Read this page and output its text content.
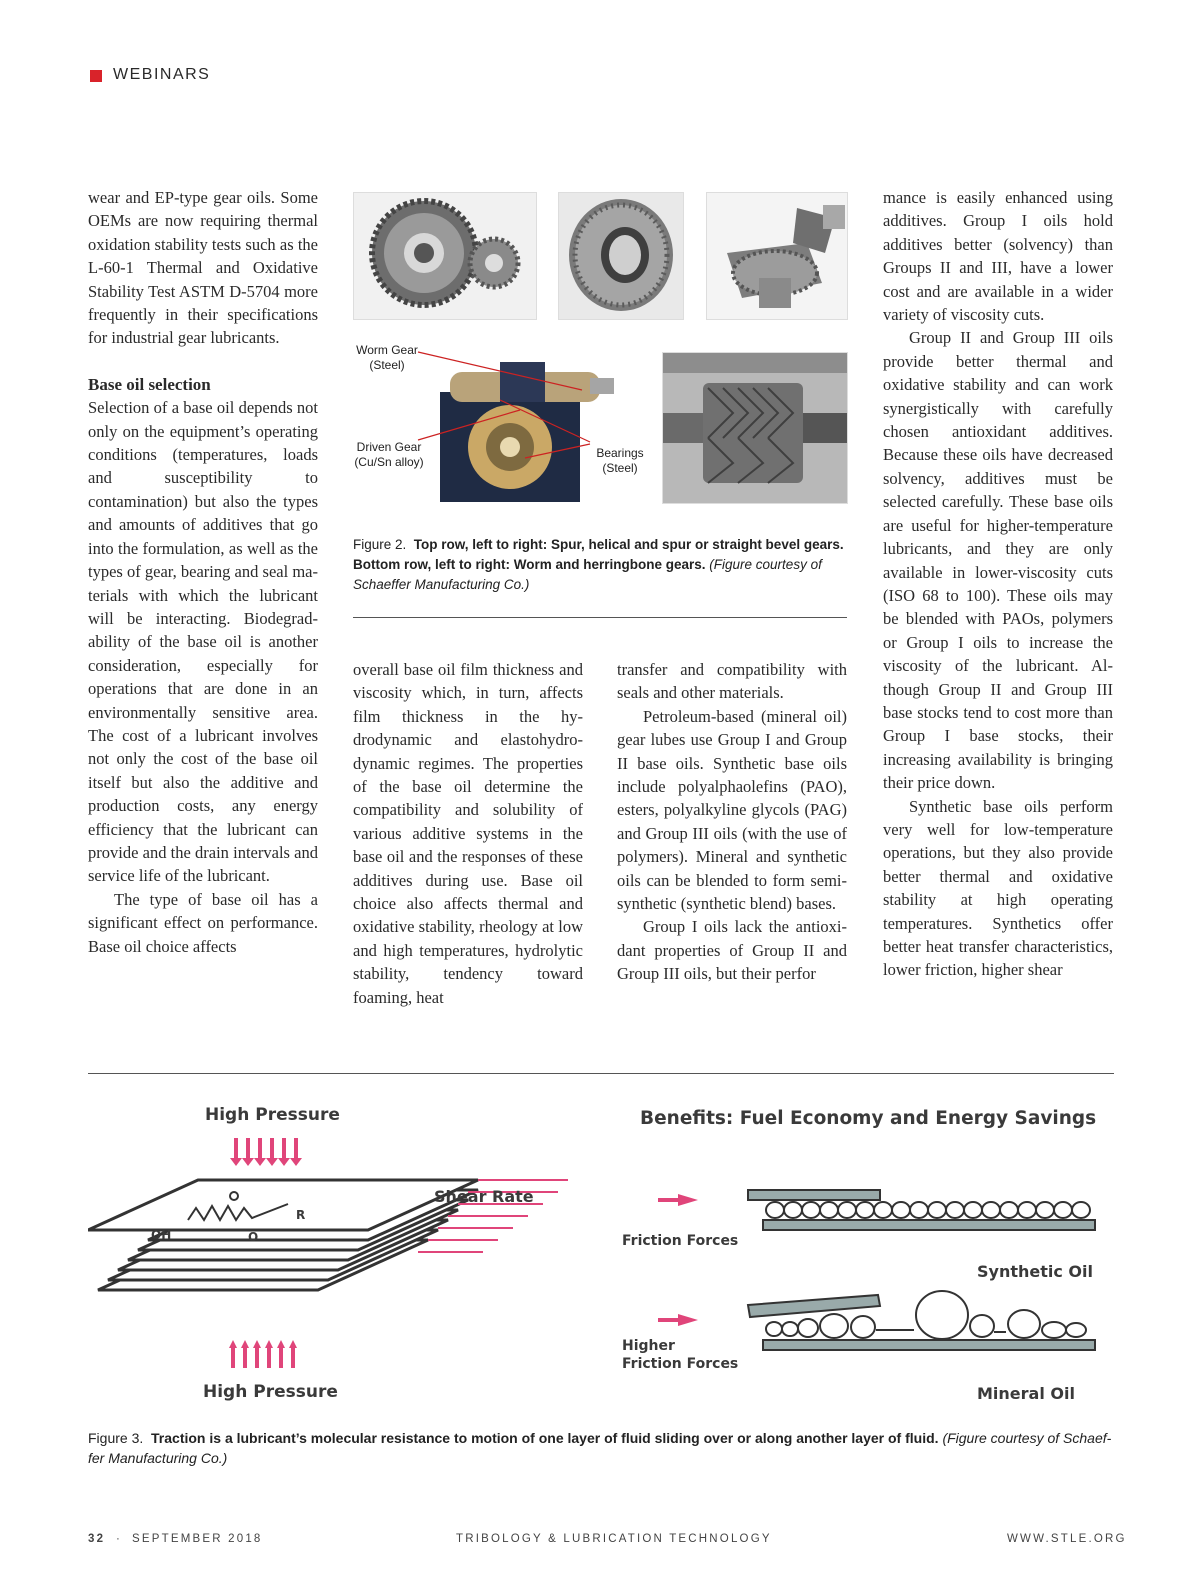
WEBINARS

wear and EP-type gear oils. Some OEMs are now requiring thermal oxidation stability tests such as the L-60-1 Thermal and Oxidative Stability Test ASTM D-5704 more frequently in their specifications for industrial gear lubricants.

Base oil selection

Selection of a base oil depends not only on the equipment’s operating conditions (temperatures, loads and susceptibility to contamination) but also the types and amounts of additives that go into the formulation, as well as the types of gear, bearing and seal materials with which the lubricant will be interacting. Biodegradability of the base oil is another consideration, especially for operations that are done in an environmentally sensitive area. The cost of a lubricant involves not only the cost of the base oil itself but also the additive and production costs, any energy efficiency that the lubricant can provide and the drain intervals and service life of the lubricant.

The type of base oil has a significant effect on performance. Base oil choice affects

overall base oil film thickness and viscosity which, in turn, affects film thickness in the hydrodynamic and elastohydrodynamic regimes. The properties of the base oil determine the compatibility and solubility of various additive systems in the base oil and the responses of these additives during use. Base oil choice also affects thermal and oxidative stability, rheology at low and high temperatures, hydrolytic stability, tendency toward foaming, heat

transfer and compatibility with seals and other materials.

Petroleum-based (mineral oil) gear lubes use Group I and Group II base oils. Synthetic base oils include polyalphaolefins (PAO), esters, polyalkyline glycols (PAG) and Group III oils (with the use of polymers). Mineral and synthetic oils can be blended to form semi-synthetic (synthetic blend) bases.

Group I oils lack the antioxidant properties of Group II and Group III oils, but their perfor

mance is easily enhanced using additives. Group I oils hold additives better (solvency) than Groups II and III, have a lower cost and are available in a wider variety of viscosity cuts.

Group II and Group III oils provide better thermal and oxidative stability and can work synergistically with carefully chosen antioxidant additives. Because these oils have decreased solvency, additives must be selected carefully. These base oils are useful for higher-temperature lubricants, and they are only available in lower-viscosity cuts (ISO 68 to 100). These oils may be blended with PAOs, polymers or Group I oils to increase the viscosity of the lubricant. Although Group II and Group III base stocks tend to cost more than Group I base stocks, their increasing availability is bringing their price down.

Synthetic base oils perform very well for low-temperature operations, but they also provide better thermal and oxidative stability at high operating temperatures. Synthetics offer better heat transfer characteristics, lower friction, higher shear

Worm Gear
(Steel)
Driven Gear
(Cu/Sn alloy)
Bearings
(Steel)
Figure 2. Top row, left to right: Spur, helical and spur or straight bevel gears. Bottom row, left to right: Worm and herringbone gears. (Figure courtesy of Schaeffer Manufacturing Co.)
High Pressure
High Pressure
Shear Rate
OH	O
R
Benefits: Fuel Economy and Energy Savings
Friction Forces
Synthetic Oil
Higher
Friction Forces
Mineral Oil
Figure 3. Traction is a lubricant’s molecular resistance to motion of one layer of fluid sliding over or along another layer of fluid. (Figure courtesy of Schaeffer Manufacturing Co.)
32 · SEPTEMBER 2018	TRIBOLOGY & LUBRICATION TECHNOLOGY	WWW.STLE.ORG
